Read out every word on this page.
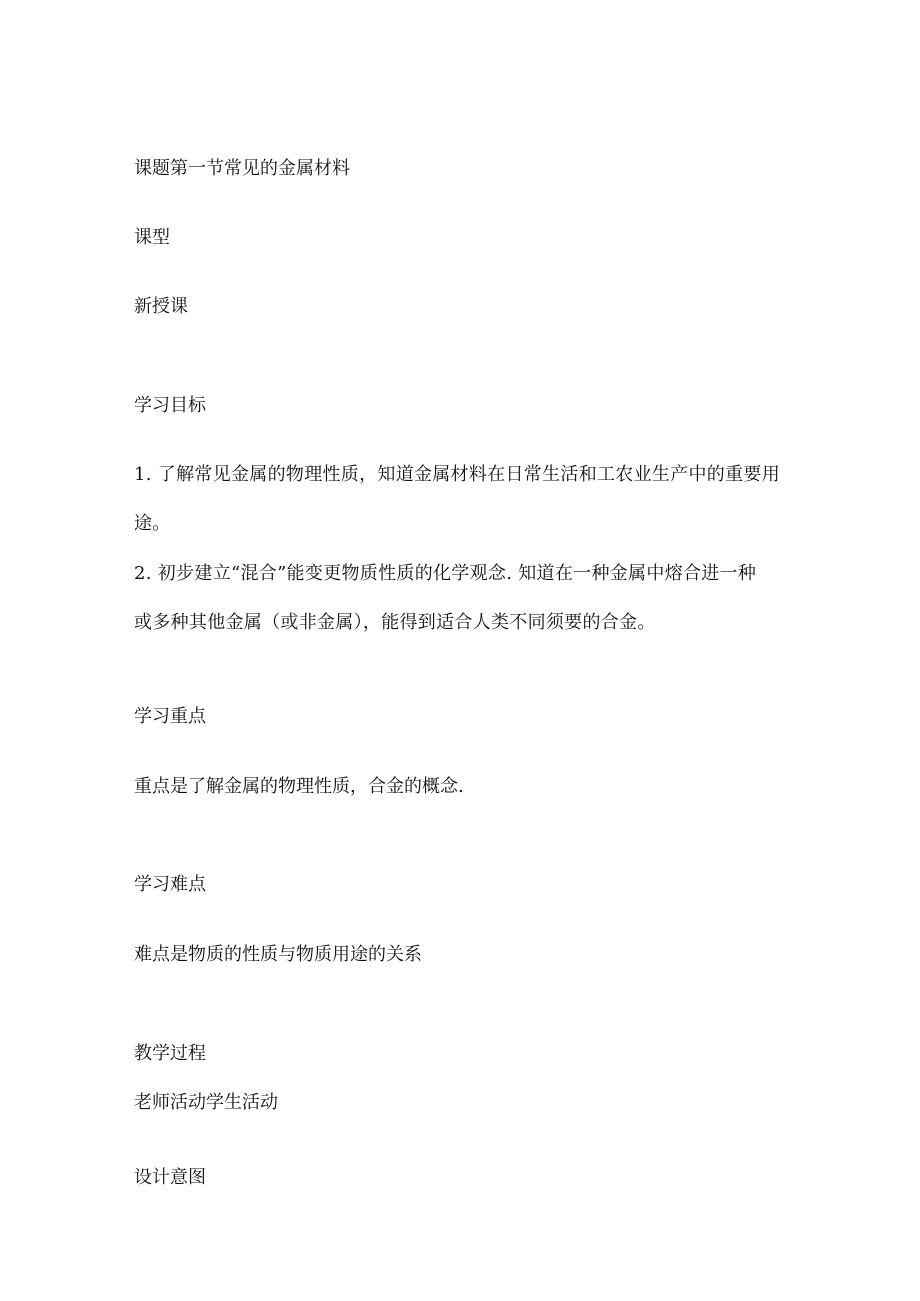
课题第一节常见的金属材料

课型

新授课

学习目标

1. 了解常见金属的物理性质，知道金属材料在日常生活和工农业生产中的重要用

途。

2. 初步建立“混合”能变更物质性质的化学观念. 知道在一种金属中熔合进一种

或多种其他金属（或非金属），能得到适合人类不同须要的合金。

学习重点

重点是了解金属的物理性质，合金的概念.

学习难点

难点是物质的性质与物质用途的关系

教学过程

老师活动学生活动

设计意图
